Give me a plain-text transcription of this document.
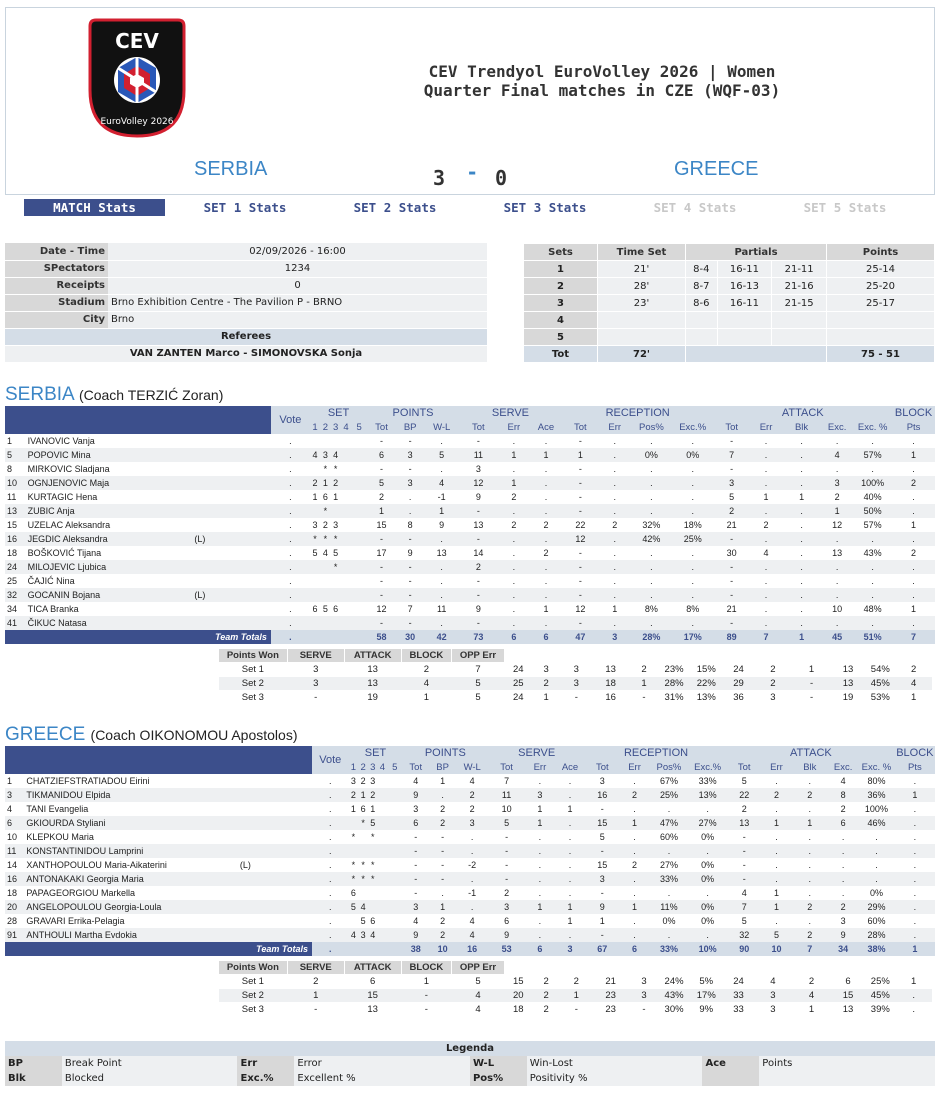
CEV
EuroVolley 2026
CEV Trendyol EuroVolley 2026 | Women
Quarter Final matches in CZE (WQF-03)
SERBIA	3 - 0	GREECE
MATCH Stats	SET 1 Stats	SET 2 Stats	SET 3 Stats	SET 4 Stats	SET 5 Stats
Date - Time	02/09/2026 - 16:00
SPectators	1234
Receipts	0
Stadium	Brno Exhibition Centre - The Pavilion P - BRNO
City	Brno
Referees	
VAN ZANTEN Marco - SIMONOVSKA Sonja	
Sets	Time Set	Partials			Points
1	21'	8-4	16-11	21-11	25-14
2	28'	8-7	16-13	21-16	25-20
3	23'	8-6	16-11	21-15	25-17
4					
5					
Tot	72'				75 - 51
SERBIA (Coach TERZIĆ Zoran)
			Vote	SET					POINTS			SERVE			RECEPTION				ATTACK					BLOCK
				1	2	3	4	5	Tot	BP	W-L	Tot	Err	Ace	Tot	Err	Pos%	Exc.%	Tot	Err	Blk	Exc.	Exc. %	Pts
1	IVANOVIC Vanja		.						-	-	.	-	.	.	-	.	.	.	-	.	.	.	.	.
5	POPOVIC Mina		.	4	3	4			6	3	5	11	1	1	1	.	0%	0%	7	.	.	4	57%	1
8	MIRKOVIC Sladjana		.		*	*			-	-	.	3	.	.	-	.	.	.	-	.	.	.	.	.
10	OGNJENOVIC Maja		.	2	1	2			5	3	4	12	1	.	-	.	.	.	3	.	.	3	100%	2
11	KURTAGIC Hena		.	1	6	1			2	.	-1	9	2	.	-	.	.	.	5	1	1	2	40%	.
13	ZUBIC Anja		.		*				1	.	1	-	.	.	-	.	.	.	2	.	.	1	50%	.
15	UZELAC Aleksandra		.	3	2	3			15	8	9	13	2	2	22	2	32%	18%	21	2	.	12	57%	1
16	JEGDIC Aleksandra	(L)	.	*	*	*			-	-	.	-	.	.	12	.	42%	25%	-	.	.	.	.	.
18	BOŠKOVIĆ Tijana		.	5	4	5			17	9	13	14	.	2	-	.	.	.	30	4	.	13	43%	2
24	MILOJEVIC Ljubica		.			*			-	-	.	2	.	.	-	.	.	.	-	.	.	.	.	.
25	ČAJIĆ Nina		.						-	-	.	-	.	.	-	.	.	.	-	.	.	.	.	.
32	GOCANIN Bojana	(L)	.						-	-	.	-	.	.	-	.	.	.	-	.	.	.	.	.
34	TICA Branka		.	6	5	6			12	7	11	9	.	1	12	1	8%	8%	21	.	.	10	48%	1
41	ČIKUC Natasa		.						-	-	.	-	.	.	-	.	.	.	-	.	.	.	.	.
Team Totals			.						58	30	42	73	6	6	47	3	28%	17%	89	7	1	45	51%	7
Points Won	SERVE	ATTACK	BLOCK	OPP Err													
Set 1	3	13	2	7	24	3	3	13	2	23%	15%	24	2	1	13	54%	2
Set 2	3	13	4	5	25	2	3	18	1	28%	22%	29	2	-	13	45%	4
Set 3	-	19	1	5	24	1	-	16	-	31%	13%	36	3	-	19	53%	1
GREECE (Coach OIKONOMOU Apostolos)
			Vote	SET					POINTS			SERVE			RECEPTION				ATTACK					BLOCK
				1	2	3	4	5	Tot	BP	W-L	Tot	Err	Ace	Tot	Err	Pos%	Exc.%	Tot	Err	Blk	Exc.	Exc. %	Pts
1	CHATZIEFSTRATIADOU Eirini		.	3	2	3			4	1	4	7	.	.	3	.	67%	33%	5	.	.	4	80%	.
3	TIKMANIDOU Elpida		.	2	1	2			9	.	2	11	3	.	16	2	25%	13%	22	2	2	8	36%	1
4	TANI Evangelia		.	1	6	1			3	2	2	10	1	1	-	.	.	.	2	.	.	2	100%	.
6	GKIOURDA Styliani		.		*	5			6	2	3	5	1	.	15	1	47%	27%	13	1	1	6	46%	.
10	KLEPKOU Maria		.	*		*			-	-	.	-	.	.	5	.	60%	0%	-	.	.	.	.	.
11	KONSTANTINIDOU Lamprini		.						-	-	.	-	.	.	-	.	.	.	-	.	.	.	.	.
14	XANTHOPOULOU Maria-Aikaterini	(L)	.	*	*	*			-	-	-2	-	.	.	15	2	27%	0%	-	.	.	.	.	.
16	ANTONAKAKI Georgia Maria		.	*	*	*			-	-	.	-	.	.	3	.	33%	0%	-	.	.	.	.	.
18	PAPAGEORGIOU Markella		.	6					-	.	-1	2	.	.	-	.	.	.	4	1	.	.	0%	.
20	ANGELOPOULOU Georgia-Loula		.	5	4				3	1	.	3	1	1	9	1	11%	0%	7	1	2	2	29%	.
28	GRAVARI Errika-Pelagia		.		5	6			4	2	4	6	.	1	1	.	0%	0%	5	.	.	3	60%	.
91	ANTHOULI Martha Evdokia		.	4	3	4			9	2	4	9	.	.	-	.	.	.	32	5	2	9	28%	.
Team Totals			.						38	10	16	53	6	3	67	6	33%	10%	90	10	7	34	38%	1
Points Won	SERVE	ATTACK	BLOCK	OPP Err													
Set 1	2	6	1	5	15	2	2	21	3	24%	5%	24	4	2	6	25%	1
Set 2	1	15	-	4	20	2	1	23	3	43%	17%	33	3	4	15	45%	.
Set 3	-	13	-	4	18	2	-	23	-	30%	9%	33	3	1	13	39%	.
Legenda							
BP	Break Point	Err	Error	W-L	Win-Lost	Ace	Points
Blk	Blocked	Exc.%	Excellent %	Pos%	Positivity %		
